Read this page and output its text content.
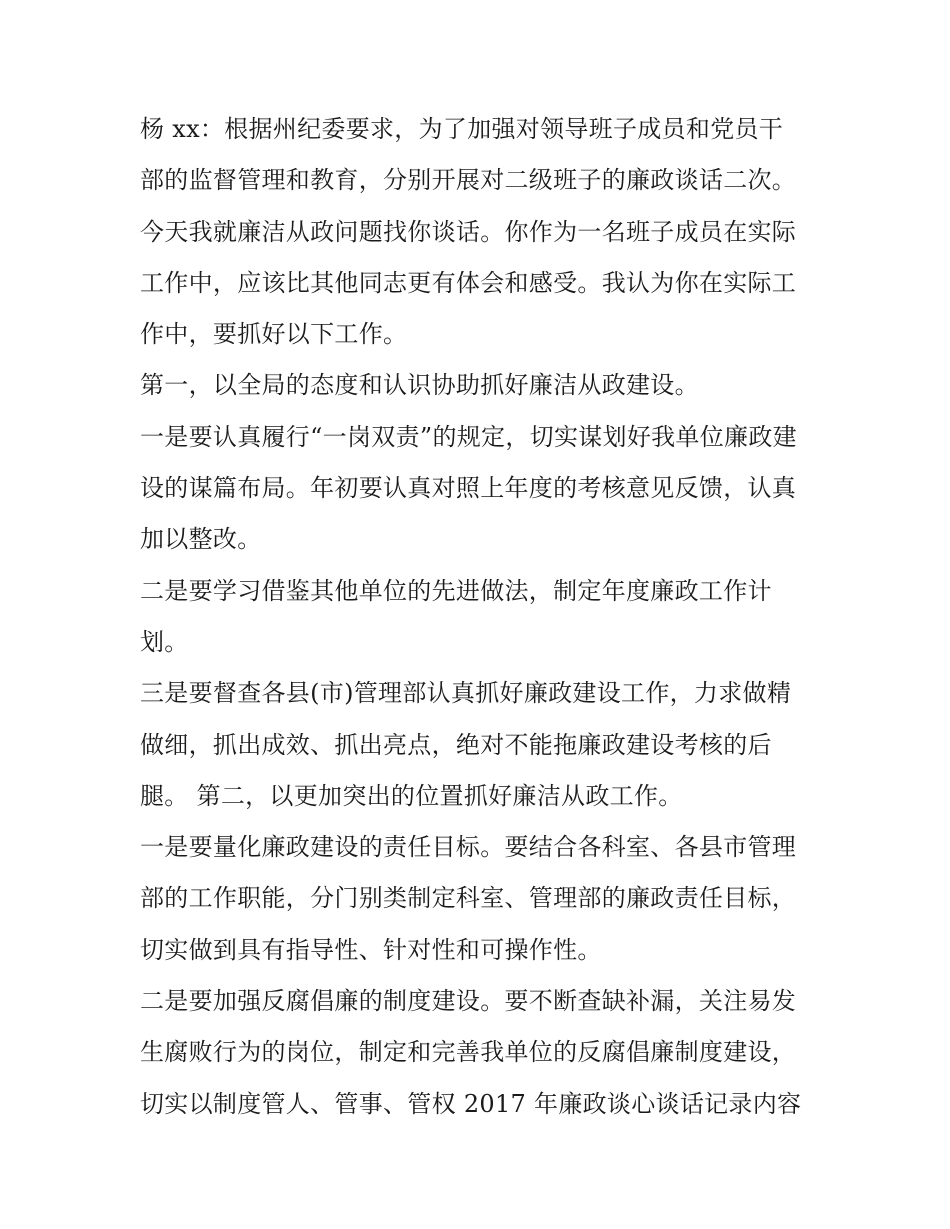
杨 xx：根据州纪委要求，为了加强对领导班子成员和党员干
部的监督管理和教育，分别开展对二级班子的廉政谈话二次。
今天我就廉洁从政问题找你谈话。你作为一名班子成员在实际
工作中，应该比其他同志更有体会和感受。我认为你在实际工
作中，要抓好以下工作。
第一，以全局的态度和认识协助抓好廉洁从政建设。
一是要认真履行“一岗双责”的规定，切实谋划好我单位廉政建
设的谋篇布局。年初要认真对照上年度的考核意见反馈，认真
加以整改。
二是要学习借鉴其他单位的先进做法，制定年度廉政工作计
划。
三是要督查各县(市)管理部认真抓好廉政建设工作，力求做精
做细，抓出成效、抓出亮点，绝对不能拖廉政建设考核的后
腿。 第二，以更加突出的位置抓好廉洁从政工作。
一是要量化廉政建设的责任目标。要结合各科室、各县市管理
部的工作职能，分门别类制定科室、管理部的廉政责任目标，
切实做到具有指导性、针对性和可操作性。
二是要加强反腐倡廉的制度建设。要不断查缺补漏，关注易发
生腐败行为的岗位，制定和完善我单位的反腐倡廉制度建设，
切实以制度管人、管事、管权 2017 年廉政谈心谈话记录内容
